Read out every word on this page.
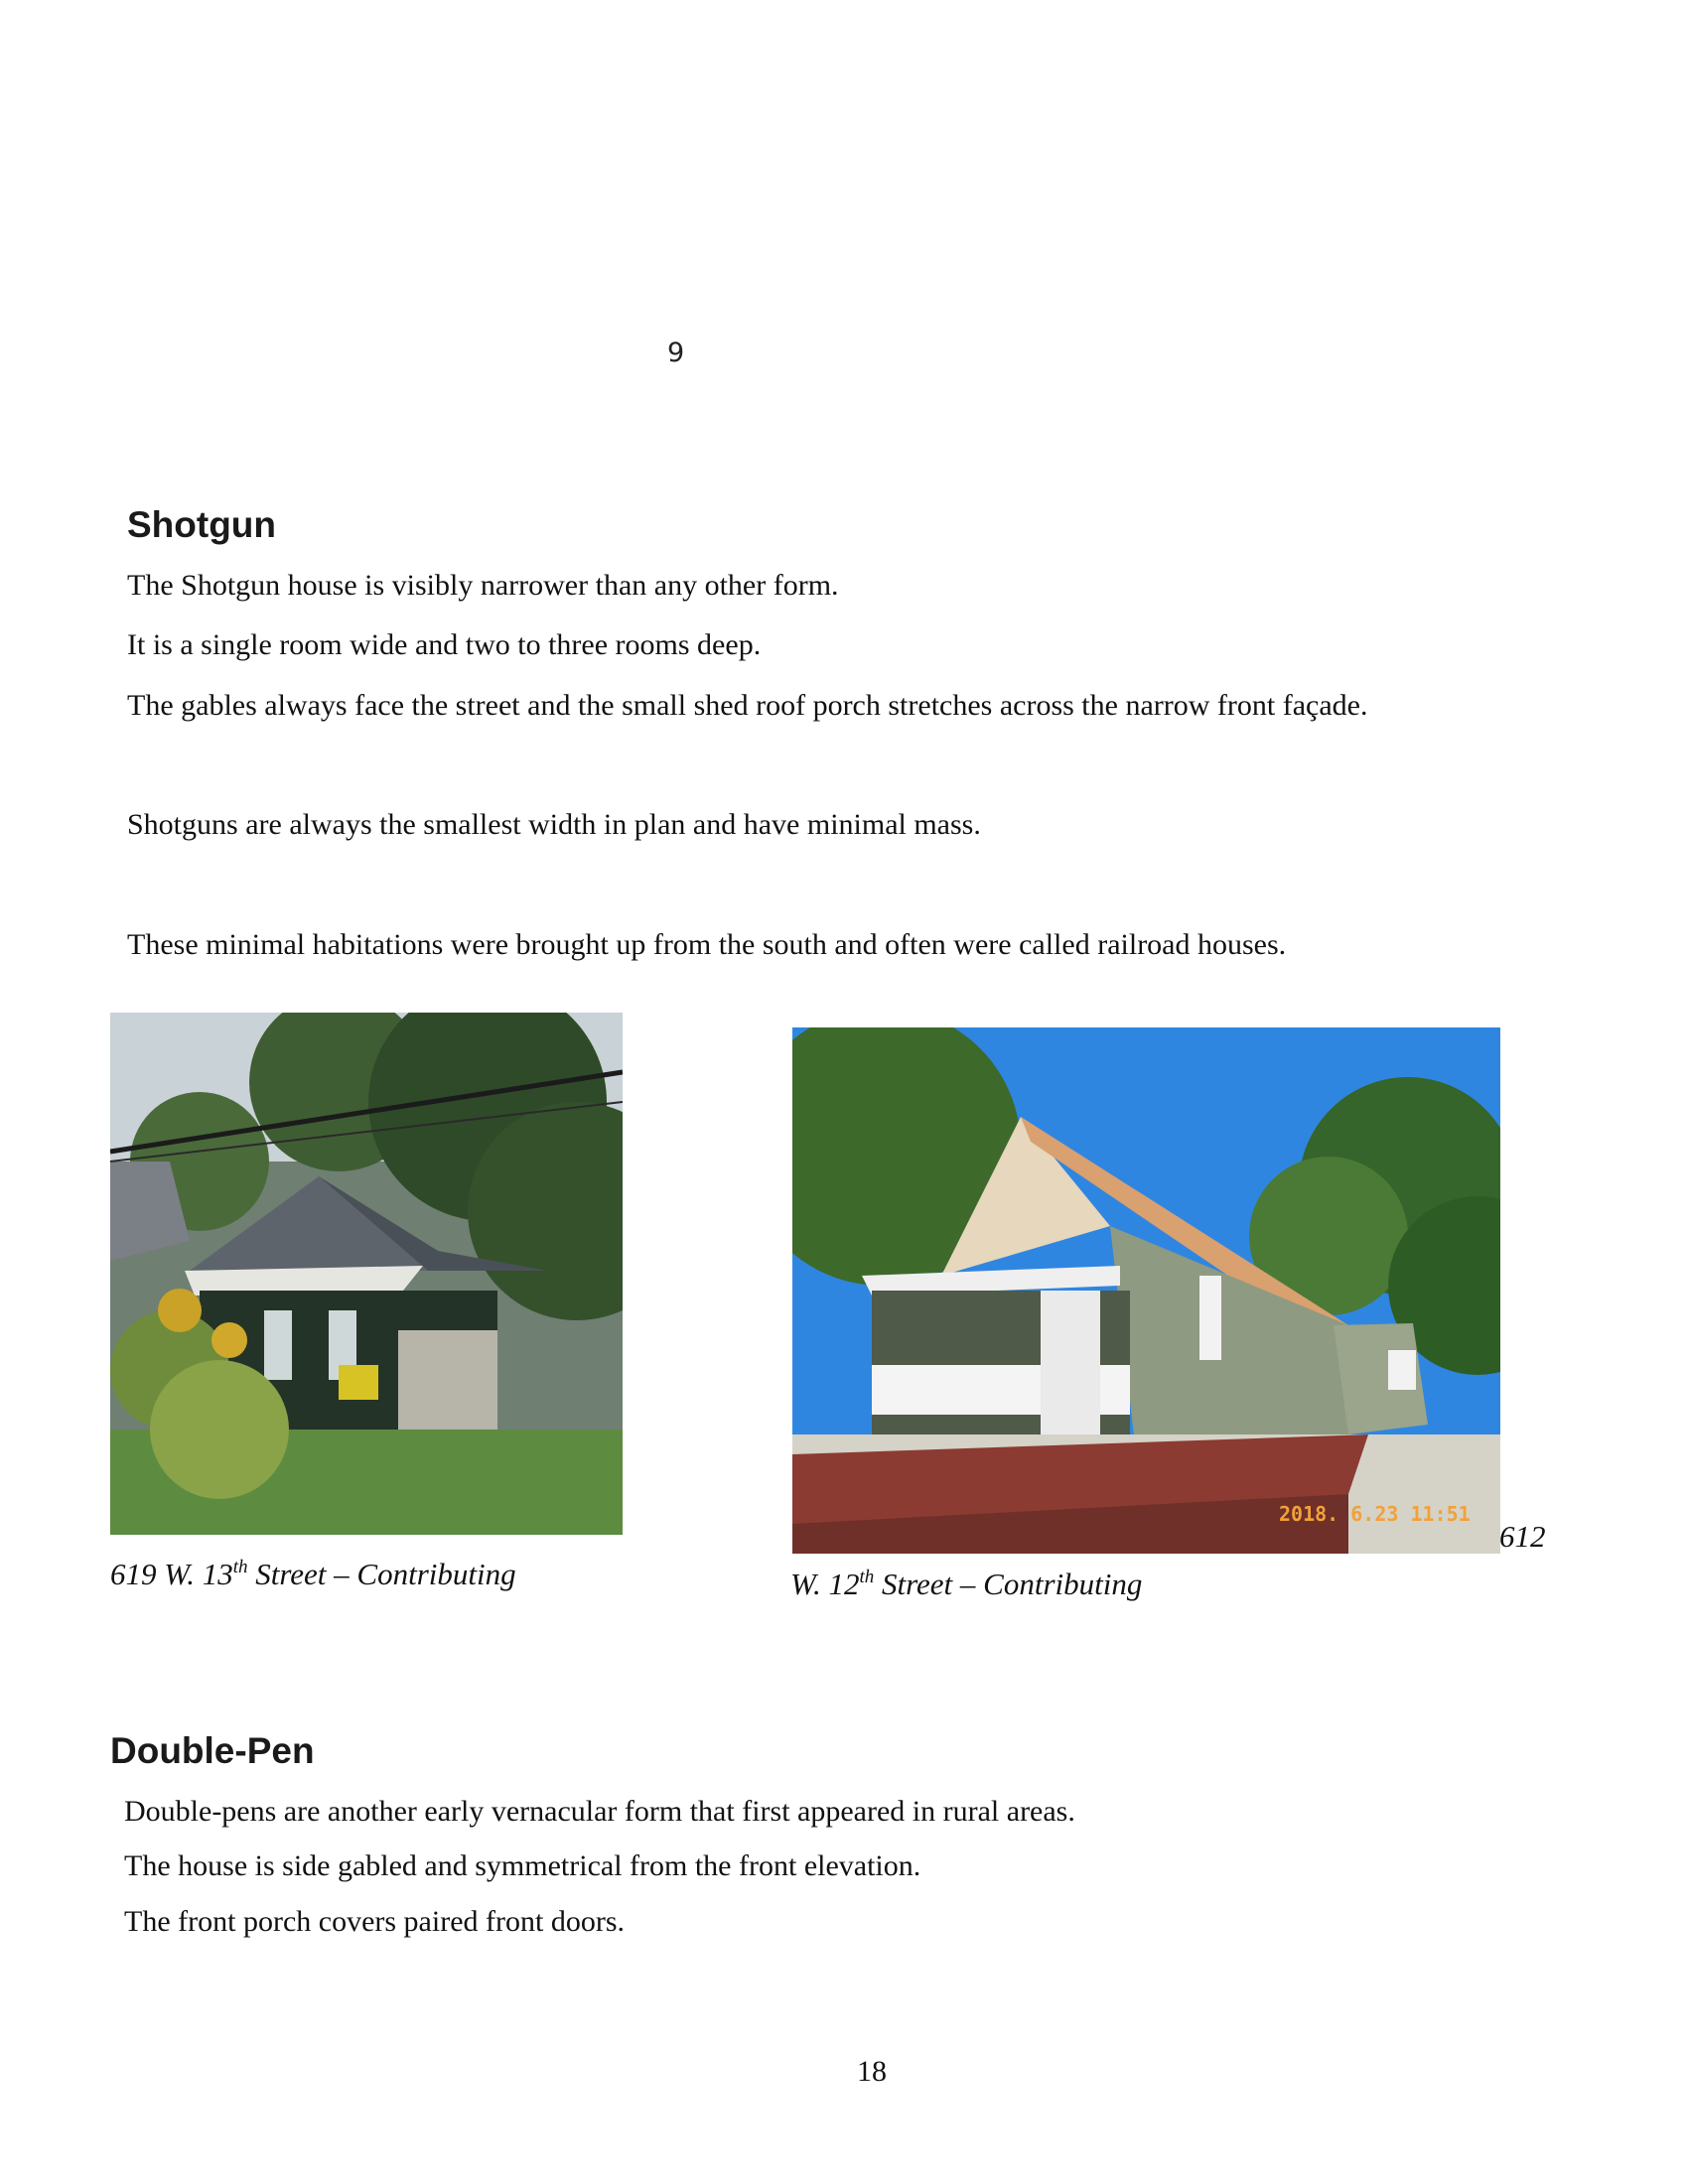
9
Shotgun

The Shotgun house is visibly narrower than any other form.

It is a single room wide and two to three rooms deep.

The gables always face the street and the small shed roof porch stretches across the narrow front façade.

Shotguns are always the smallest width in plan and have minimal mass.

These minimal habitations were brought up from the south and often were called railroad houses.

619 W. 13th Street – Contributing
2018. 6.23 11:51
612
W. 12th Street – Contributing
Double-Pen

Double-pens are another early vernacular form that first appeared in rural areas.

The house is side gabled and symmetrical from the front elevation.

The front porch covers paired front doors.

18
